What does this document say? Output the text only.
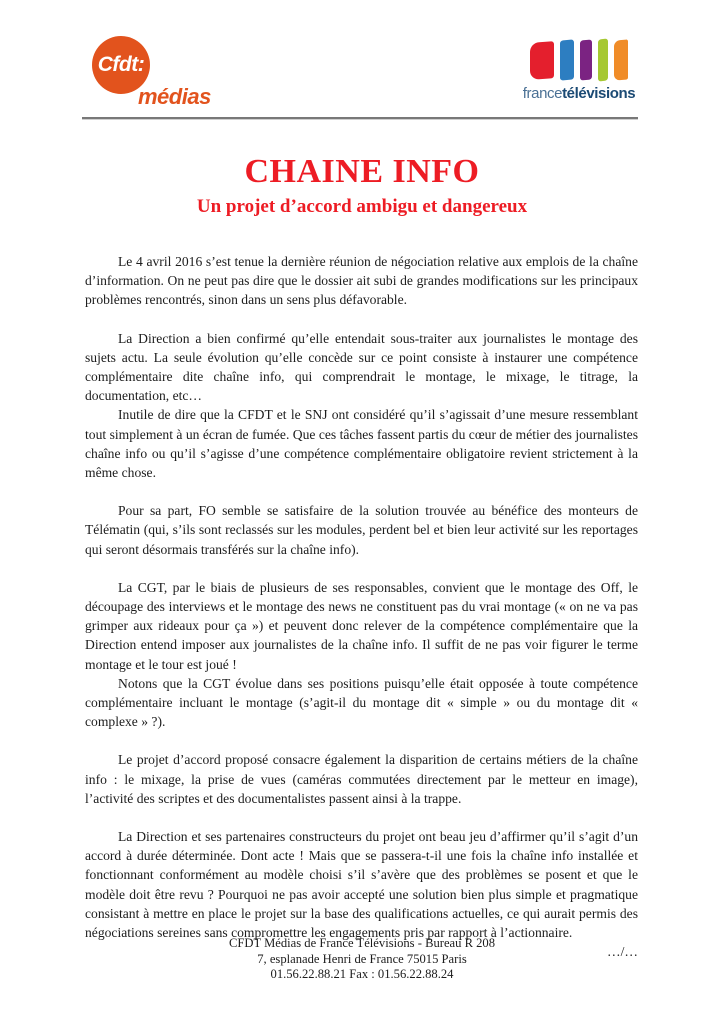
Cfdt:
médias	francetélévisions
CHAINE INFO
Un projet d’accord ambigu et dangereux

Le 4 avril 2016 s’est tenue la dernière réunion de négociation relative aux emplois de la chaîne d’information. On ne peut pas dire que le dossier ait subi de grandes modifications sur les principaux problèmes rencontrés, sinon dans un sens plus défavorable.

La Direction a bien confirmé qu’elle entendait sous-traiter aux journalistes le montage des sujets actu. La seule évolution qu’elle concède sur ce point consiste à instaurer une compétence complémentaire dite chaîne info, qui comprendrait le montage, le mixage, le titrage, la documentation, etc…

Inutile de dire que la CFDT et le SNJ ont considéré qu’il s’agissait d’une mesure ressemblant tout simplement à un écran de fumée. Que ces tâches fassent partis du cœur de métier des journalistes chaîne info ou qu’il s’agisse d’une compétence complémentaire obligatoire revient strictement à la même chose.

Pour sa part, FO semble se satisfaire de la solution trouvée au bénéfice des monteurs de Télématin (qui, s’ils sont reclassés sur les modules, perdent bel et bien leur activité sur les reportages qui seront désormais transférés sur la chaîne info).

La CGT, par le biais de plusieurs de ses responsables, convient que le montage des Off, le découpage des interviews et le montage des news ne constituent pas du vrai montage (« on ne va pas grimper aux rideaux pour ça ») et peuvent donc relever de la compétence complémentaire que la Direction entend imposer aux journalistes de la chaîne info. Il suffit de ne pas voir figurer le terme montage et le tour est joué !

Notons que la CGT évolue dans ses positions puisqu’elle était opposée à toute compétence complémentaire incluant le montage (s’agit-il du montage dit « simple » ou du montage dit « complexe » ?).

Le projet d’accord proposé consacre également la disparition de certains métiers de la chaîne info : le mixage, la prise de vues (caméras commutées directement par le metteur en image), l’activité des scriptes et des documentalistes passent ainsi à la trappe.

La Direction et ses partenaires constructeurs du projet ont beau jeu d’affirmer qu’il s’agit d’un accord à durée déterminée. Dont acte ! Mais que se passera-t-il une fois la chaîne info installée et fonctionnant conformément au modèle choisi s’il s’avère que des problèmes se posent et que le modèle doit être revu ? Pourquoi ne pas avoir accepté une solution bien plus simple et pragmatique consistant à mettre en place le projet sur la base des qualifications actuelles, ce qui aurait permis des négociations sereines sans compromettre les engagements pris par rapport à l’actionnaire.

…/…

CFDT Médias de France Télévisions - Bureau R 208
7, esplanade Henri de France 75015 Paris
01.56.22.88.21 Fax : 01.56.22.88.24
